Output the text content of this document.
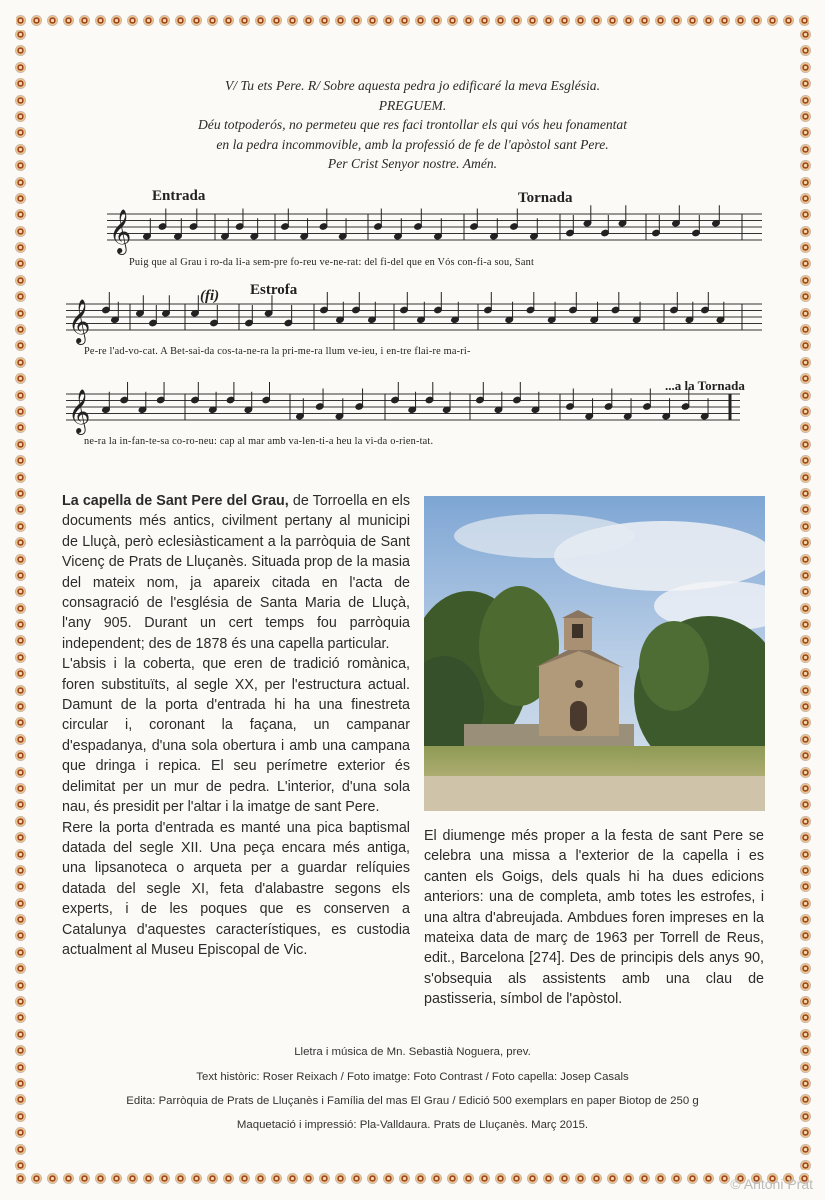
V/ Tu ets Pere. R/ Sobre aquesta pedra jo edificaré la meva Església.
PREGUEM.
Déu totpoderós, no permeteu que res faci trontollar els qui vós heu fonamentat
en la pedra incommovible, amb la professió de fe de l'apòstol sant Pere.
Per Crist Senyor nostre. Amén.
Entrada	Tornada
(fi) Estrofa
...a la Tornada
𝄞
𝄞
𝄞
Puig que al Grau i ro-da li-a sem-pre fo-reu ve-ne-rat: del fi-del que en Vós con-fi-a sou, Sant
Pe-re l'ad-vo-cat. A Bet-sai-da cos-ta-ne-ra la pri-me-ra llum ve-ieu, i en-tre flai-re ma-ri-
ne-ra la in-fan-te-sa co-ro-neu: cap al mar amb va-len-ti-a heu la vi-da o-rien-tat.

La capella de Sant Pere del Grau, de Torroella en els documents més antics, civilment pertany al municipi de Lluçà, però eclesiàsticament a la parròquia de Sant Vicenç de Prats de Lluçanès. Situada prop de la masia del mateix nom, ja apareix citada en l'acta de consagració de l'església de Santa Maria de Lluçà, l'any 905. Durant un cert temps fou parròquia independent; des de 1878 és una capella particular.

L'absis i la coberta, que eren de tradició romànica, foren substituïts, al segle XX, per l'estructura actual. Damunt de la porta d'entrada hi ha una finestreta circular i, coronant la façana, un campanar d'espadanya, d'una sola obertura i amb una campana que dringa i repica. El seu perímetre exterior és delimitat per un mur de pedra. L'interior, d'una sola nau, és presidit per l'altar i la imatge de sant Pere.

Rere la porta d'entrada es manté una pica baptismal datada del segle XII. Una peça encara més antiga, una lipsanoteca o arqueta per a guardar relíquies datada del segle XI, feta d'alabastre segons els experts, i de les poques que es conserven a Catalunya d'aquestes característiques, es custodia actualment al Museu Episcopal de Vic.

El diumenge més proper a la festa de sant Pere se celebra una missa a l'exterior de la capella i es canten els Goigs, dels quals hi ha dues edicions anteriors: una de completa, amb totes les estrofes, i una altra d'abreujada. Ambdues foren impreses en la mateixa data de març de 1963 per Torrell de Reus, edit., Barcelona [274]. Des de principis dels anys 90, s'obsequia als assistents amb una clau de pastisseria, símbol de l'apòstol.

Lletra i música de Mn. Sebastià Noguera, prev.
Text històric: Roser Reixach / Foto imatge: Foto Contrast / Foto capella: Josep Casals
Edita: Parròquia de Prats de Lluçanès i Família del mas El Grau / Edició 500 exemplars en paper Biotop de 250 g
Maquetació i impressió: Pla-Valldaura. Prats de Lluçanès. Març 2015.
© Antoni Prat
